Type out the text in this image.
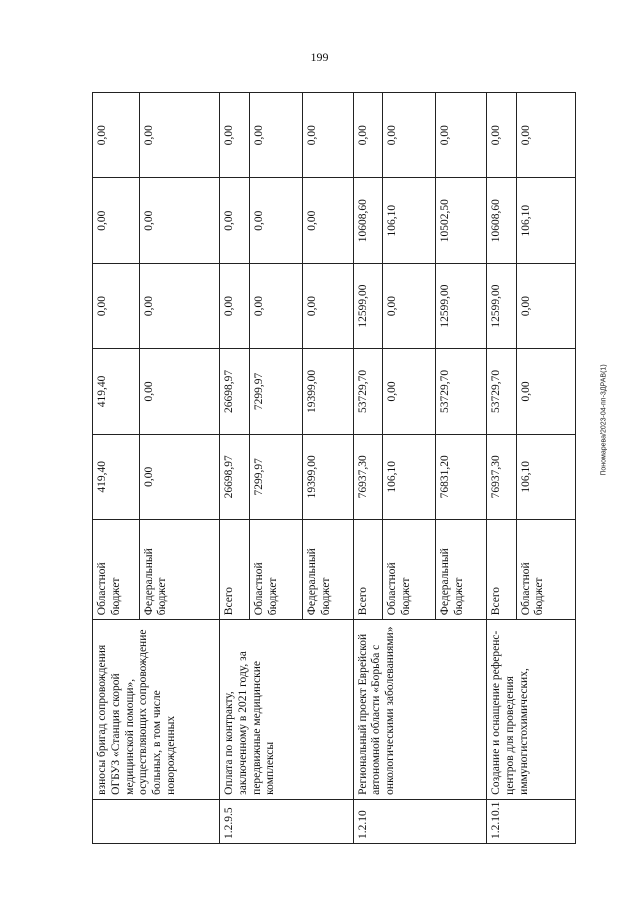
199
Пономарева/2023-04-пп-3ДРАВ(1)
	взносы бригад сопровождения ОГБУЗ «Станция скорой медицинской помощи», осуществляющих сопровождение больных, в том числе новорожденных	Областной бюджет	419,40	419,40	0,00	0,00	0,00
		Федеральный бюджет	0,00	0,00	0,00	0,00	0,00
1.2.9.5	Оплата по контракту, заключенному в 2021 году, за передвижные медицинские комплексы	Всего	26698,97	26698,97	0,00	0,00	0,00
		Областной бюджет	7299,97	7299,97	0,00	0,00	0,00
		Федеральный бюджет	19399,00	19399,00	0,00	0,00	0,00
1.2.10	Региональный проект Еврейской автономной области «Борьба с онкологическими заболеваниями»	Всего	76937,30	53729,70	12599,00	10608,60	0,00
		Областной бюджет	106,10	0,00	0,00	106,10	0,00
		Федеральный бюджет	76831,20	53729,70	12599,00	10502,50	0,00
1.2.10.1	Создание и оснащение референс-центров для проведения иммуногистохимических,	Всего	76937,30	53729,70	12599,00	10608,60	0,00
		Областной бюджет	106,10	0,00	0,00	106,10	0,00
